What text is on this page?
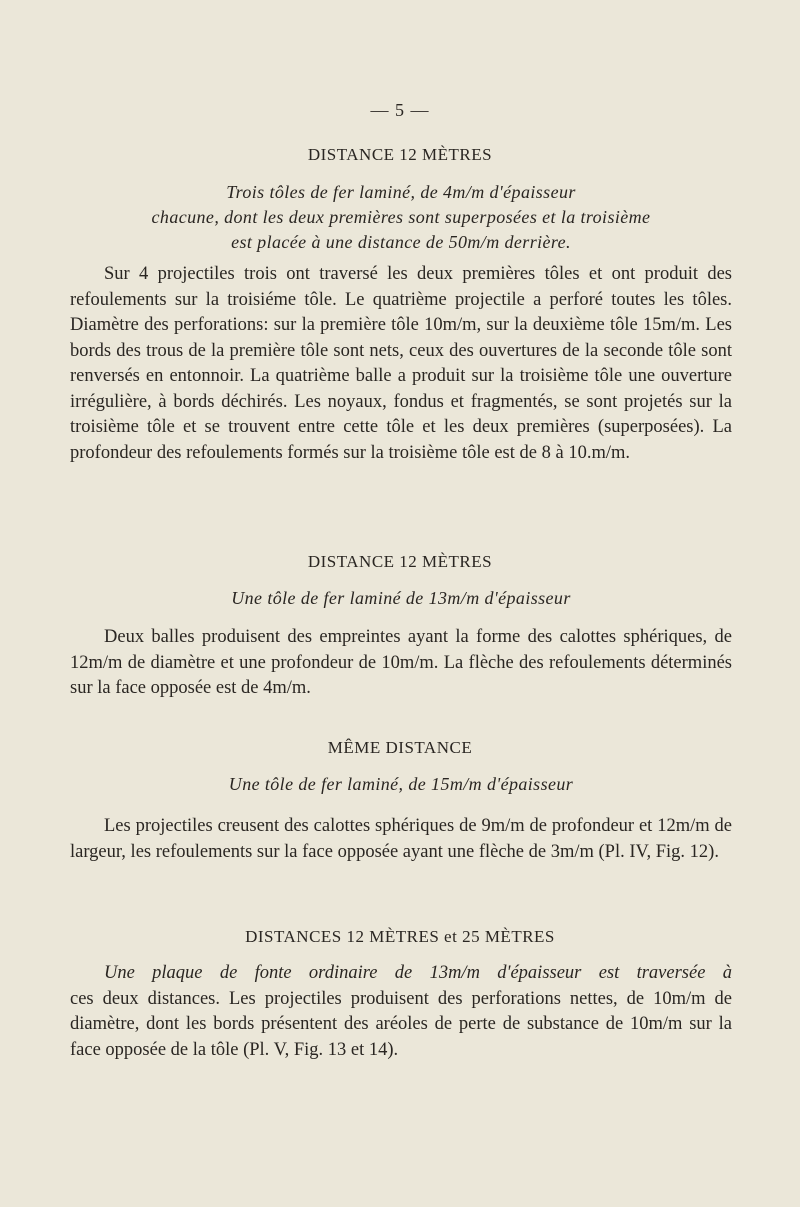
— 5 —
DISTANCE 12 MÈTRES
Trois tôles de fer laminé, de 4m/m d'épaisseur
chacune, dont les deux premières sont superposées et la troisième
est placée à une distance de 50m/m derrière.
Sur 4 projectiles trois ont traversé les deux premières tôles et ont produit des refoulements sur la troisiéme tôle. Le quatrième projectile a perforé toutes les tôles. Diamètre des perforations: sur la première tôle 10m/m, sur la deuxième tôle 15m/m. Les bords des trous de la première tôle sont nets, ceux des ouvertures de la seconde tôle sont renversés en entonnoir. La quatrième balle a produit sur la troisième tôle une ouverture irrégulière, à bords déchirés. Les noyaux, fondus et fragmentés, se sont projetés sur la troisième tôle et se trouvent entre cette tôle et les deux premières (superposées). La profondeur des refoulements formés sur la troisième tôle est de 8 à 10.m/m.
DISTANCE 12 MÈTRES
Une tôle de fer laminé de 13m/m d'épaisseur
Deux balles produisent des empreintes ayant la forme des calottes sphériques, de 12m/m de diamètre et une profondeur de 10m/m. La flèche des refoulements déterminés sur la face opposée est de 4m/m.
MÊME DISTANCE
Une tôle de fer laminé, de 15m/m d'épaisseur
Les projectiles creusent des calottes sphériques de 9m/m de profondeur et 12m/m de largeur, les refoulements sur la face opposée ayant une flèche de 3m/m (Pl. IV, Fig. 12).
DISTANCES 12 MÈTRES et 25 MÈTRES
Une plaque de fonte ordinaire de 13m/m d'épaisseur est traversée à
ces deux distances. Les projectiles produisent des perforations nettes, de 10m/m de diamètre, dont les bords présentent des aréoles de perte de substance de 10m/m sur la face opposée de la tôle (Pl. V, Fig. 13 et 14).
